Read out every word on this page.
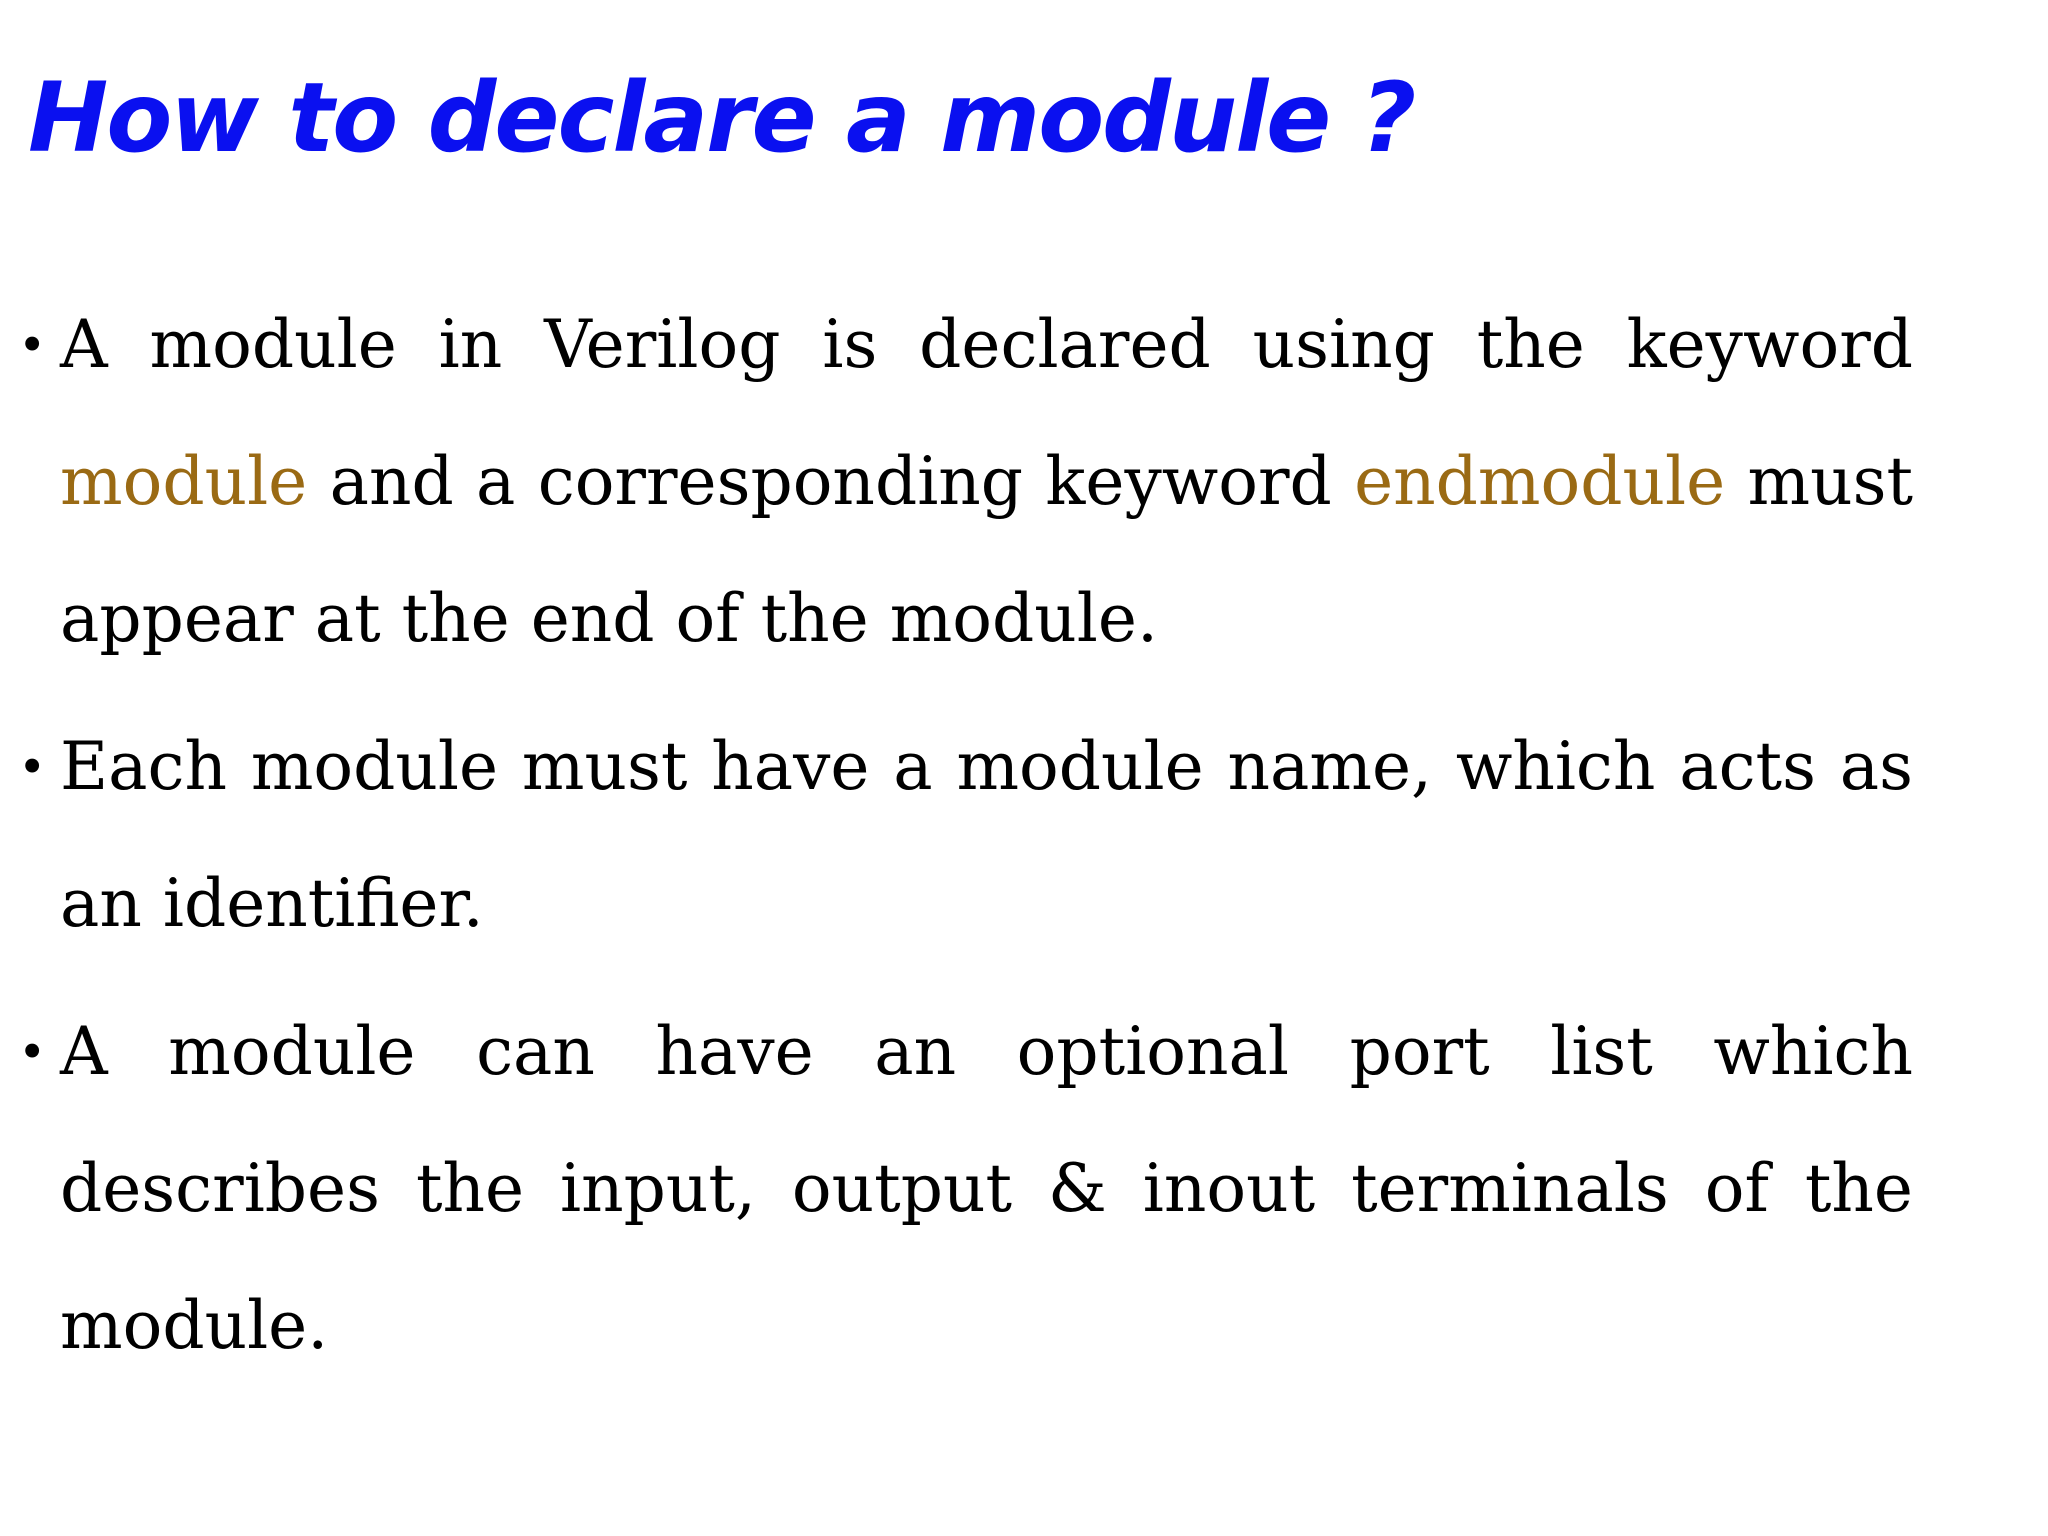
How to declare a module ?
• A module in Verilog is declared using the keyword module and a corresponding keyword endmodule must appear at the end of the module.

• Each module must have a module name, which acts as an identifier.

• A module can have an optional port list which describes the input, output & inout terminals of the module.
